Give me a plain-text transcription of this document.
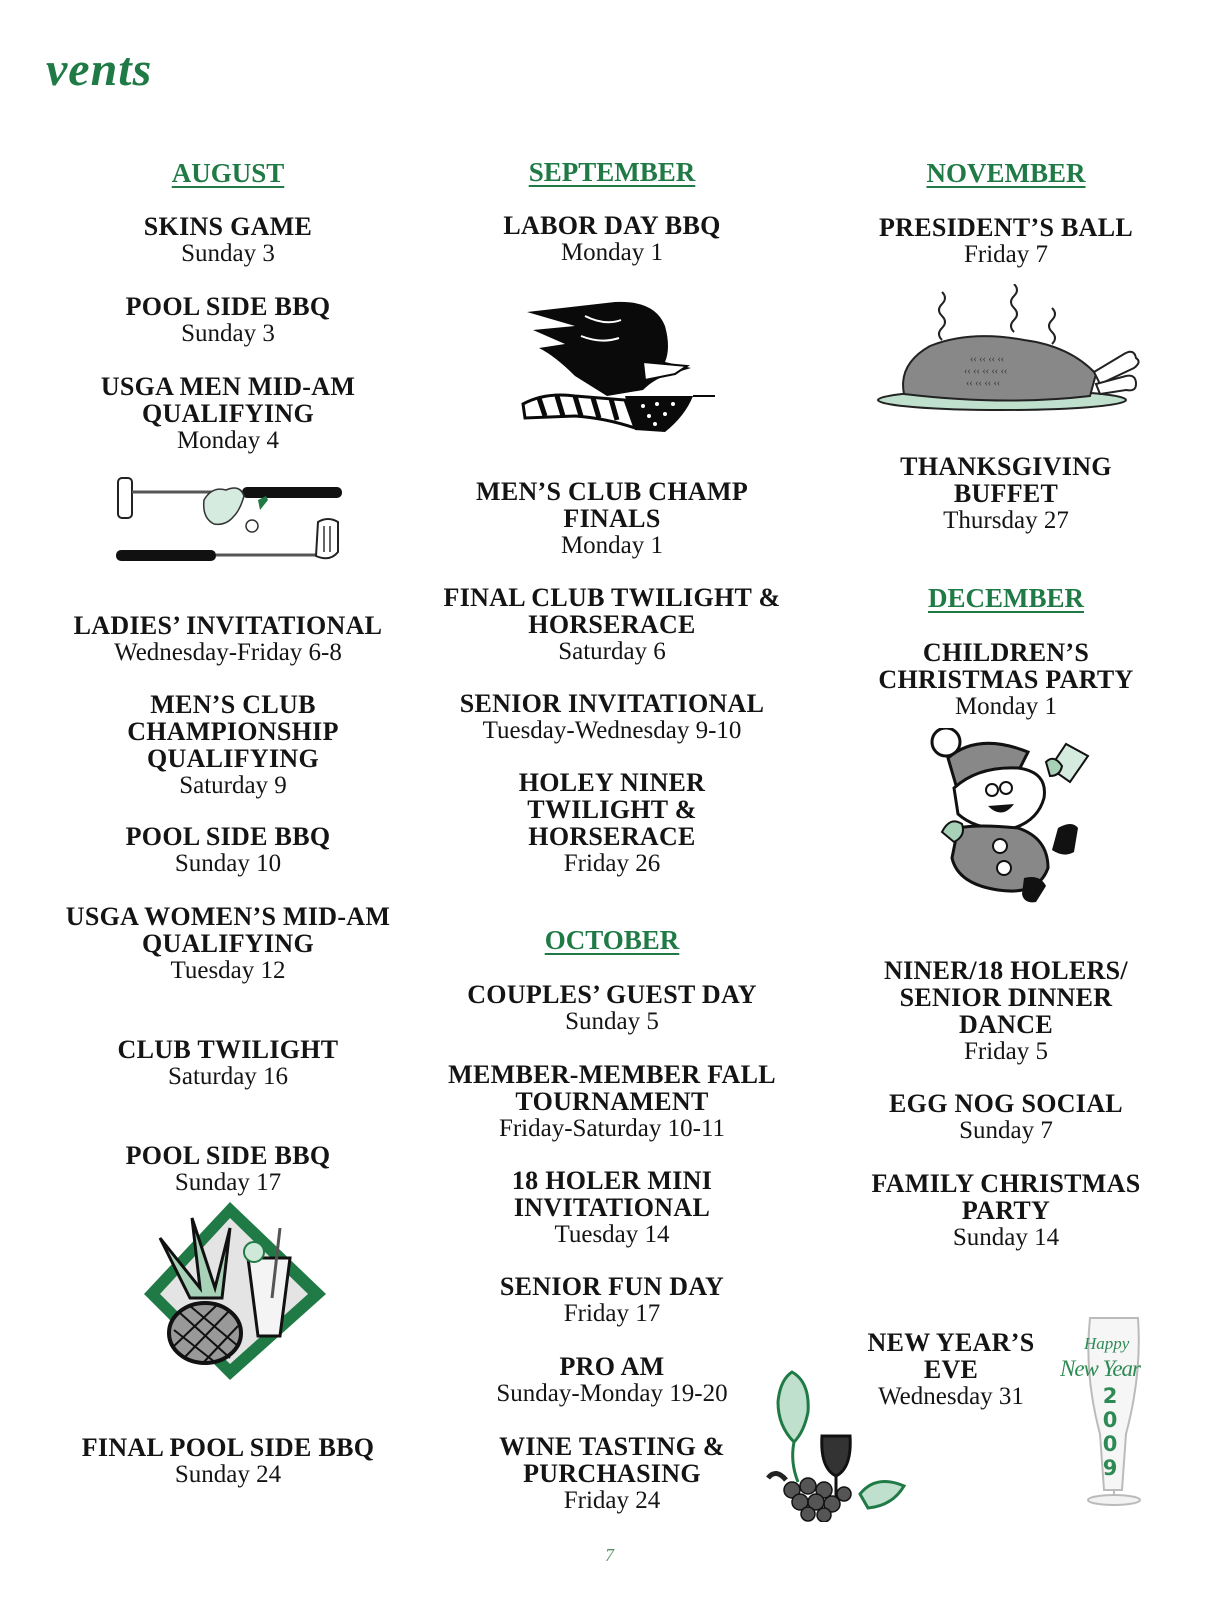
vents
AUGUST
SKINS GAME
Sunday 3
POOL SIDE BBQ
Sunday 3
USGA MEN MID-AM QUALIFYING
Monday 4
LADIES’ INVITATIONAL
Wednesday-Friday 6-8
MEN’S CLUB CHAMPIONSHIP QUALIFYING
Saturday 9
POOL SIDE BBQ
Sunday 10
USGA WOMEN’S MID-AM QUALIFYING
Tuesday 12
CLUB TWILIGHT
Saturday 16
POOL SIDE BBQ
Sunday 17
FINAL POOL SIDE BBQ
Sunday 24
SEPTEMBER
LABOR DAY BBQ
Monday 1
MEN’S CLUB CHAMP FINALS
Monday 1
FINAL CLUB TWILIGHT & HORSERACE
Saturday 6
SENIOR INVITATIONAL
Tuesday-Wednesday 9-10
HOLEY NINER TWILIGHT & HORSERACE
Friday 26
OCTOBER
COUPLES’ GUEST DAY
Sunday 5
MEMBER-MEMBER FALL TOURNAMENT
Friday-Saturday 10-11
18 HOLER MINI INVITATIONAL
Tuesday 14
SENIOR FUN DAY
Friday 17
PRO AM
Sunday-Monday 19-20
WINE TASTING & PURCHASING
Friday 24
NOVEMBER
PRESIDENT’S BALL
Friday 7
THANKSGIVING BUFFET
Thursday 27
DECEMBER
CHILDREN’S CHRISTMAS PARTY
Monday 1
NINER/18 HOLERS/ SENIOR DINNER DANCE
Friday 5
EGG NOG SOCIAL
Sunday 7
FAMILY CHRISTMAS PARTY
Sunday 14
NEW YEAR’S EVE
Wednesday 31
‹‹ ‹‹ ‹‹ ‹‹
‹‹ ‹‹ ‹‹ ‹‹ ‹‹
‹‹ ‹‹ ‹‹ ‹‹
Happy
New Year
2009
7
